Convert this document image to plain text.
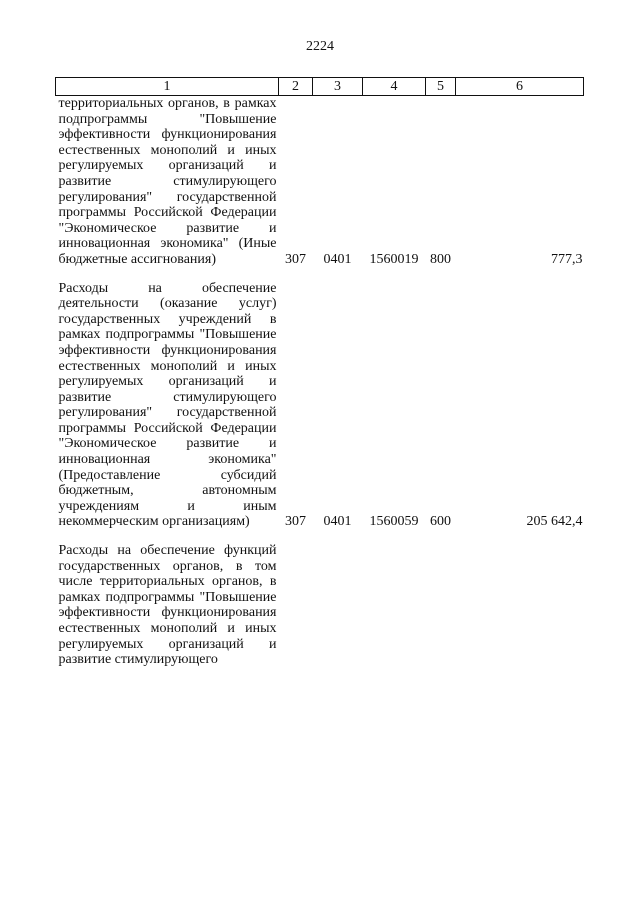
2224
1	2	3	4	5	6
территориальных органов, в рамках подпрограммы "Повышение эффективности функционирования естественных монополий и иных регулируемых организаций и развитие стимулирующего регулирования" государственной программы Российской Федерации "Экономическое развитие и инновационная экономика" (Иные бюджетные ассигнования)	307	0401	1560019	800	777,3

Расходы на обеспечение деятельности (оказание услуг) государственных учреждений в рамках подпрограммы "Повышение эффективности функционирования естественных монополий и иных регулируемых организаций и развитие стимулирующего регулирования" государственной программы Российской Федерации "Экономическое развитие и инновационная экономика" (Предоставление субсидий бюджетным, автономным учреждениям и иным некоммерческим организациям)	307	0401	1560059	600	205 642,4

Расходы на обеспечение функций государственных органов, в том числе территориальных органов, в рамках подпрограммы "Повышение эффективности функционирования естественных монополий и иных регулируемых организаций и развитие стимулирующего					
